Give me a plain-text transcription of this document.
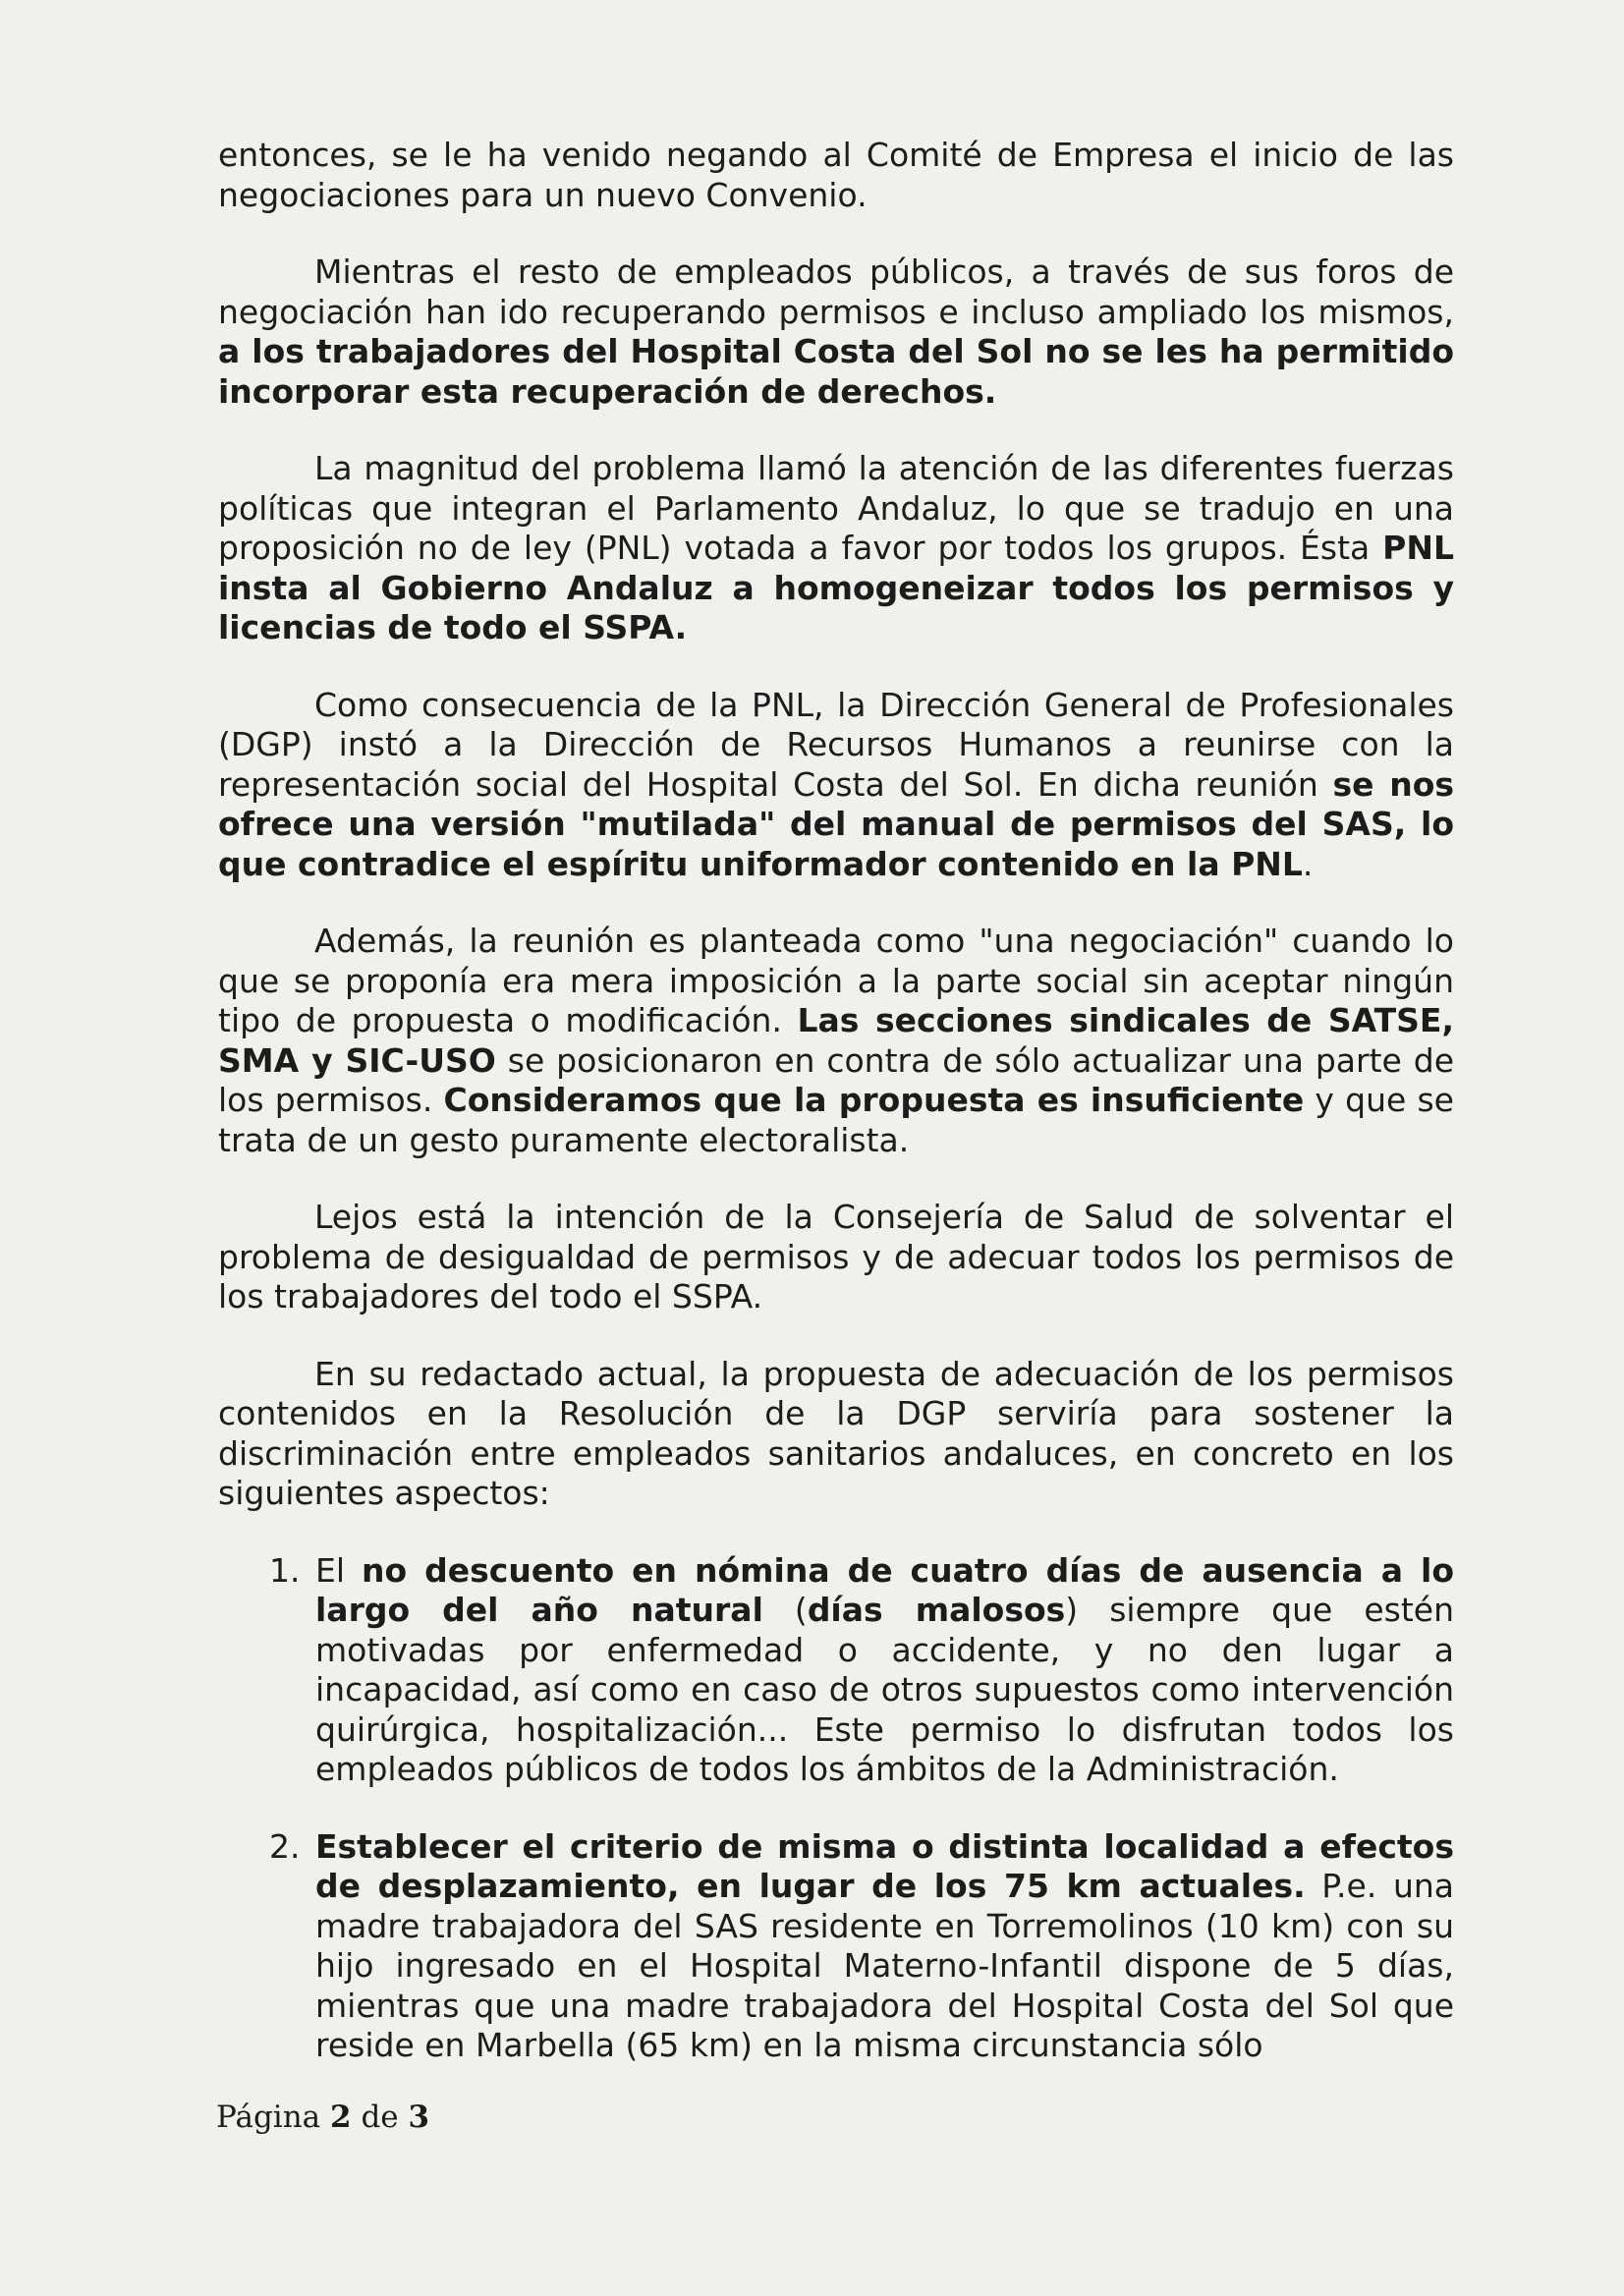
entonces, se le ha venido negando al Comité de Empresa el inicio de las negociaciones para un nuevo Convenio.

Mientras el resto de empleados públicos, a través de sus foros de negociación han ido recuperando permisos e incluso ampliado los mismos, a los trabajadores del Hospital Costa del Sol no se les ha permitido incorporar esta recuperación de derechos.

La magnitud del problema llamó la atención de las diferentes fuerzas políticas que integran el Parlamento Andaluz, lo que se tradujo en una proposición no de ley (PNL) votada a favor por todos los grupos. Ésta PNL insta al Gobierno Andaluz a homogeneizar todos los permisos y licencias de todo el SSPA.

Como consecuencia de la PNL, la Dirección General de Profesionales (DGP) instó a la Dirección de Recursos Humanos a reunirse con la representación social del Hospital Costa del Sol. En dicha reunión se nos ofrece una versión "mutilada" del manual de permisos del SAS, lo que contradice el espíritu uniformador contenido en la PNL.

Además, la reunión es planteada como "una negociación" cuando lo que se proponía era mera imposición a la parte social sin aceptar ningún tipo de propuesta o modificación. Las secciones sindicales de SATSE, SMA y SIC-USO se posicionaron en contra de sólo actualizar una parte de los permisos. Consideramos que la propuesta es insuficiente y que se trata de un gesto puramente electoralista.

Lejos está la intención de la Consejería de Salud de solventar el problema de desigualdad de permisos y de adecuar todos los permisos de los trabajadores del todo el SSPA.

En su redactado actual, la propuesta de adecuación de los permisos contenidos en la Resolución de la DGP serviría para sostener la discriminación entre empleados sanitarios andaluces, en concreto en los siguientes aspectos:

1. El no descuento en nómina de cuatro días de ausencia a lo largo del año natural (días malosos) siempre que estén motivadas por enfermedad o accidente, y no den lugar a incapacidad, así como en caso de otros supuestos como intervención quirúrgica, hospitalización... Este permiso lo disfrutan todos los empleados públicos de todos los ámbitos de la Administración.
2. Establecer el criterio de misma o distinta localidad a efectos de desplazamiento, en lugar de los 75 km actuales. P.e. una madre trabajadora del SAS residente en Torremolinos (10 km) con su hijo ingresado en el Hospital Materno-Infantil dispone de 5 días, mientras que una madre trabajadora del Hospital Costa del Sol que reside en Marbella (65 km) en la misma circunstancia sólo
Página 2 de 3
